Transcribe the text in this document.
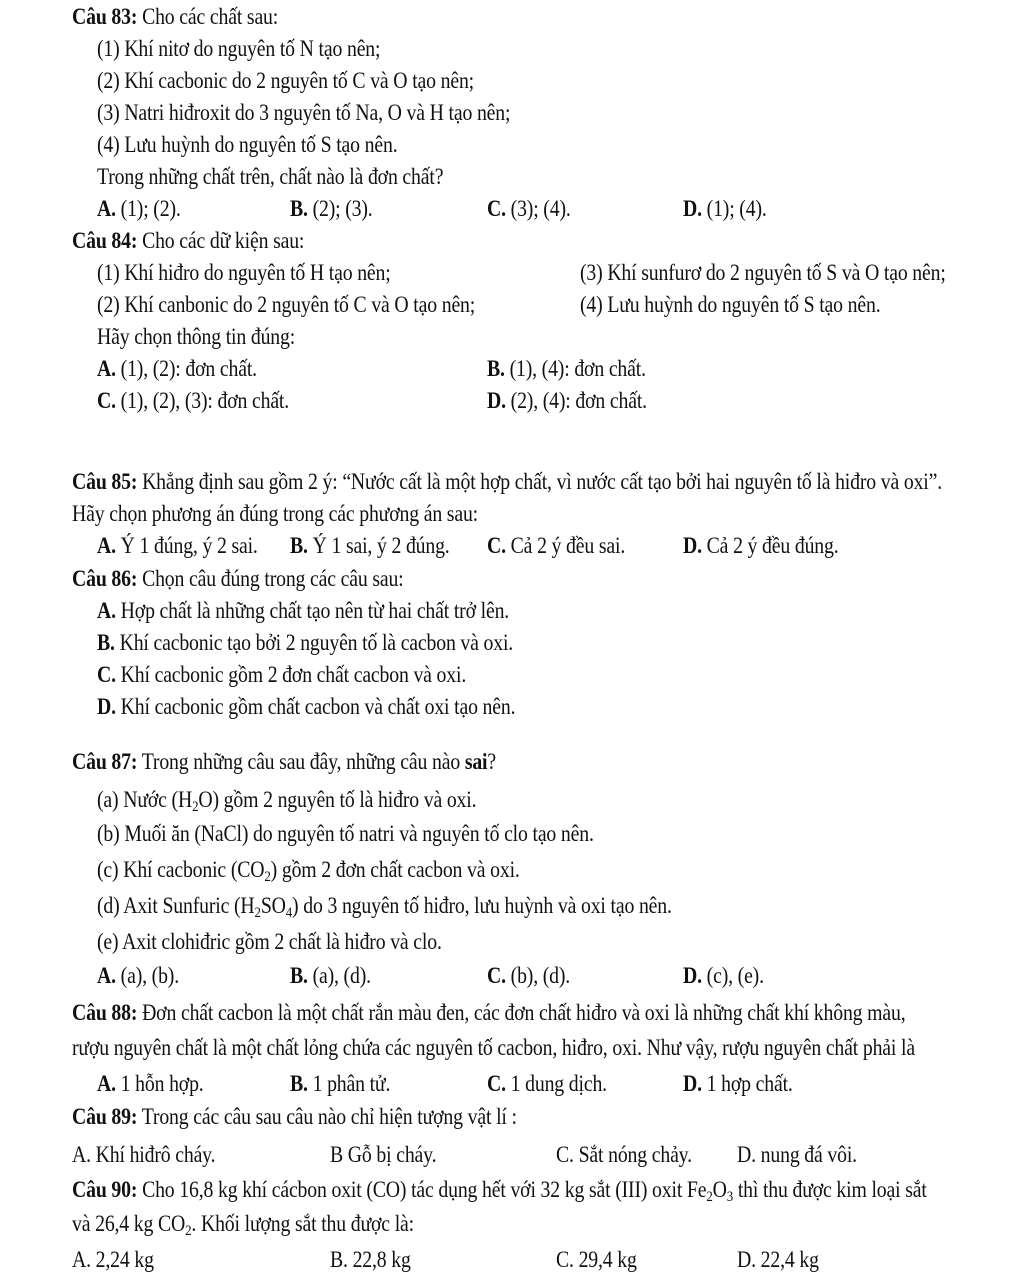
Câu 83: Cho các chất sau:
(1) Khí nitơ do nguyên tố N tạo nên;
(2) Khí cacbonic do 2 nguyên tố C và O tạo nên;
(3) Natri hiđroxit do 3 nguyên tố Na, O và H tạo nên;
(4) Lưu huỳnh do nguyên tố S tạo nên.
Trong những chất trên, chất nào là đơn chất?
A. (1); (2).	B. (2); (3).	C. (3); (4).	D. (1); (4).
Câu 84: Cho các dữ kiện sau:
(1) Khí hiđro do nguyên tố H tạo nên;	(3) Khí sunfurơ do 2 nguyên tố S và O tạo nên;
(2) Khí canbonic do 2 nguyên tố C và O tạo nên;	(4) Lưu huỳnh do nguyên tố S tạo nên.
Hãy chọn thông tin đúng:
A. (1), (2): đơn chất.	B. (1), (4): đơn chất.
C. (1), (2), (3): đơn chất.	D. (2), (4): đơn chất.
Câu 85: Khẳng định sau gồm 2 ý: “Nước cất là một hợp chất, vì nước cất tạo bởi hai nguyên tố là hiđro và oxi”.
Hãy chọn phương án đúng trong các phương án sau:
A. Ý 1 đúng, ý 2 sai. B. Ý 1 sai, ý 2 đúng. C. Cả 2 ý đều sai.	D. Cả 2 ý đều đúng.
Câu 86: Chọn câu đúng trong các câu sau:
A. Hợp chất là những chất tạo nên từ hai chất trở lên.
B. Khí cacbonic tạo bởi 2 nguyên tố là cacbon và oxi.
C. Khí cacbonic gồm 2 đơn chất cacbon và oxi.
D. Khí cacbonic gồm chất cacbon và chất oxi tạo nên.
Câu 87: Trong những câu sau đây, những câu nào sai?
(a) Nước $(H_2O)$ gồm 2 nguyên tố là hiđro và oxi.
(b) Muối ăn (NaCl) do nguyên tố natri và nguyên tố clo tạo nên.
(c) Khí cacbonic $(CO_2)$ gồm 2 đơn chất cacbon và oxi.
(d) Axit Sunfuric $(H_2SO_4)$ do 3 nguyên tố hiđro, lưu huỳnh và oxi tạo nên.
(e) Axit clohiđric gồm 2 chất là hiđro và clo.
A. (a), (b).	B. (a), (d).	C. (b), (d).	D. (c), (e).
Câu 88: Đơn chất cacbon là một chất rắn màu đen, các đơn chất hiđro và oxi là những chất khí không màu,
rượu nguyên chất là một chất lỏng chứa các nguyên tố cacbon, hiđro, oxi. Như vậy, rượu nguyên chất phải là
A. 1 hỗn hợp.	B. 1 phân tử.	C. 1 dung dịch.	D. 1 hợp chất.
Câu 89: Trong các câu sau câu nào chỉ hiện tượng vật lí :
A. Khí hiđrô cháy.	B Gỗ bị cháy.	C. Sắt nóng chảy. D. nung đá vôi.
Câu 90: Cho 16,8 kg khí cácbon oxit (CO) tác dụng hết với 32 kg sắt (III) oxit $Fe_2O_3$ thì thu được kim loại sắt
và 26,4 kg $CO_2$. Khối lượng sắt thu được là:
A. 2,24 kg	B. 22,8 kg	C. 29,4 kg	D. 22,4 kg
